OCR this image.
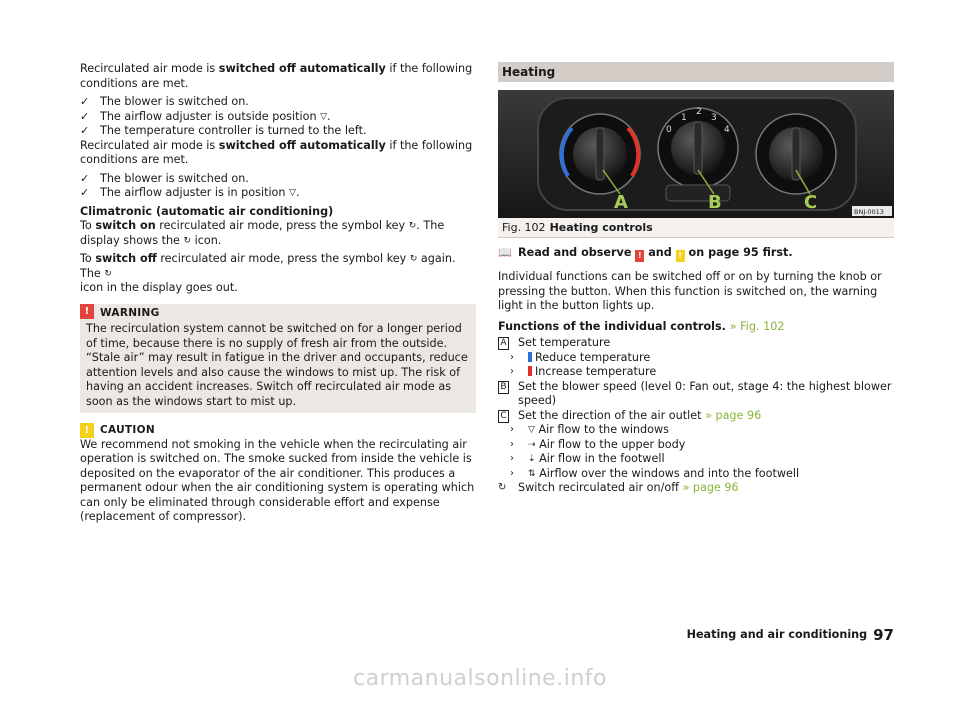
Recirculated air mode is switched off automatically if the following conditions are met.
✓ The blower is switched on.
✓ The airflow adjuster is outside position ▽.
✓ The temperature controller is turned to the left.
Recirculated air mode is switched off automatically if the following conditions are met.
✓ The blower is switched on.
✓ The airflow adjuster is in position ▽.
Climatronic (automatic air conditioning)
To switch on recirculated air mode, press the symbol key ↻. The display shows the ↻ icon.
To switch off recirculated air mode, press the symbol key ↻ again. The ↻
icon in the display goes out.
!	WARNING
The recirculation system cannot be switched on for a longer period of time, because there is no supply of fresh air from the outside. “Stale air” may result in fatigue in the driver and occupants, reduce attention levels and also cause the windows to mist up. The risk of having an accident increases. Switch off recirculated air mode as soon as the windows start to mist up.
!	CAUTION
We recommend not smoking in the vehicle when the recirculating air operation is switched on. The smoke sucked from inside the vehicle is deposited on the evaporator of the air conditioner. This produces a permanent odour when the air conditioning system is operating which can only be eliminated through considerable effort and expense (replacement of compressor).
Heating
0
1
2
3
4
A	B	C	BNJ-0013
Fig. 102 Heating controls
📖 Read and observe ! and ! on page 95 first.
Individual functions can be switched off or on by turning the knob or pressing the button. When this function is switched on, the warning light in the button lights up.
Functions of the individual controls. » Fig. 102
A Set temperature
› Reduce temperature
› Increase temperature
B Set the blower speed (level 0: Fan out, stage 4: the highest blower speed)
C Set the direction of the air outlet » page 96
› ▽ Air flow to the windows
› ⇢ Air flow to the upper body
› ⇣ Air flow in the footwell
› ⇅ Airflow over the windows and into the footwell
↻ Switch recirculated air on/off » page 96
Heating and air conditioning 97
carmanualsonline.info
